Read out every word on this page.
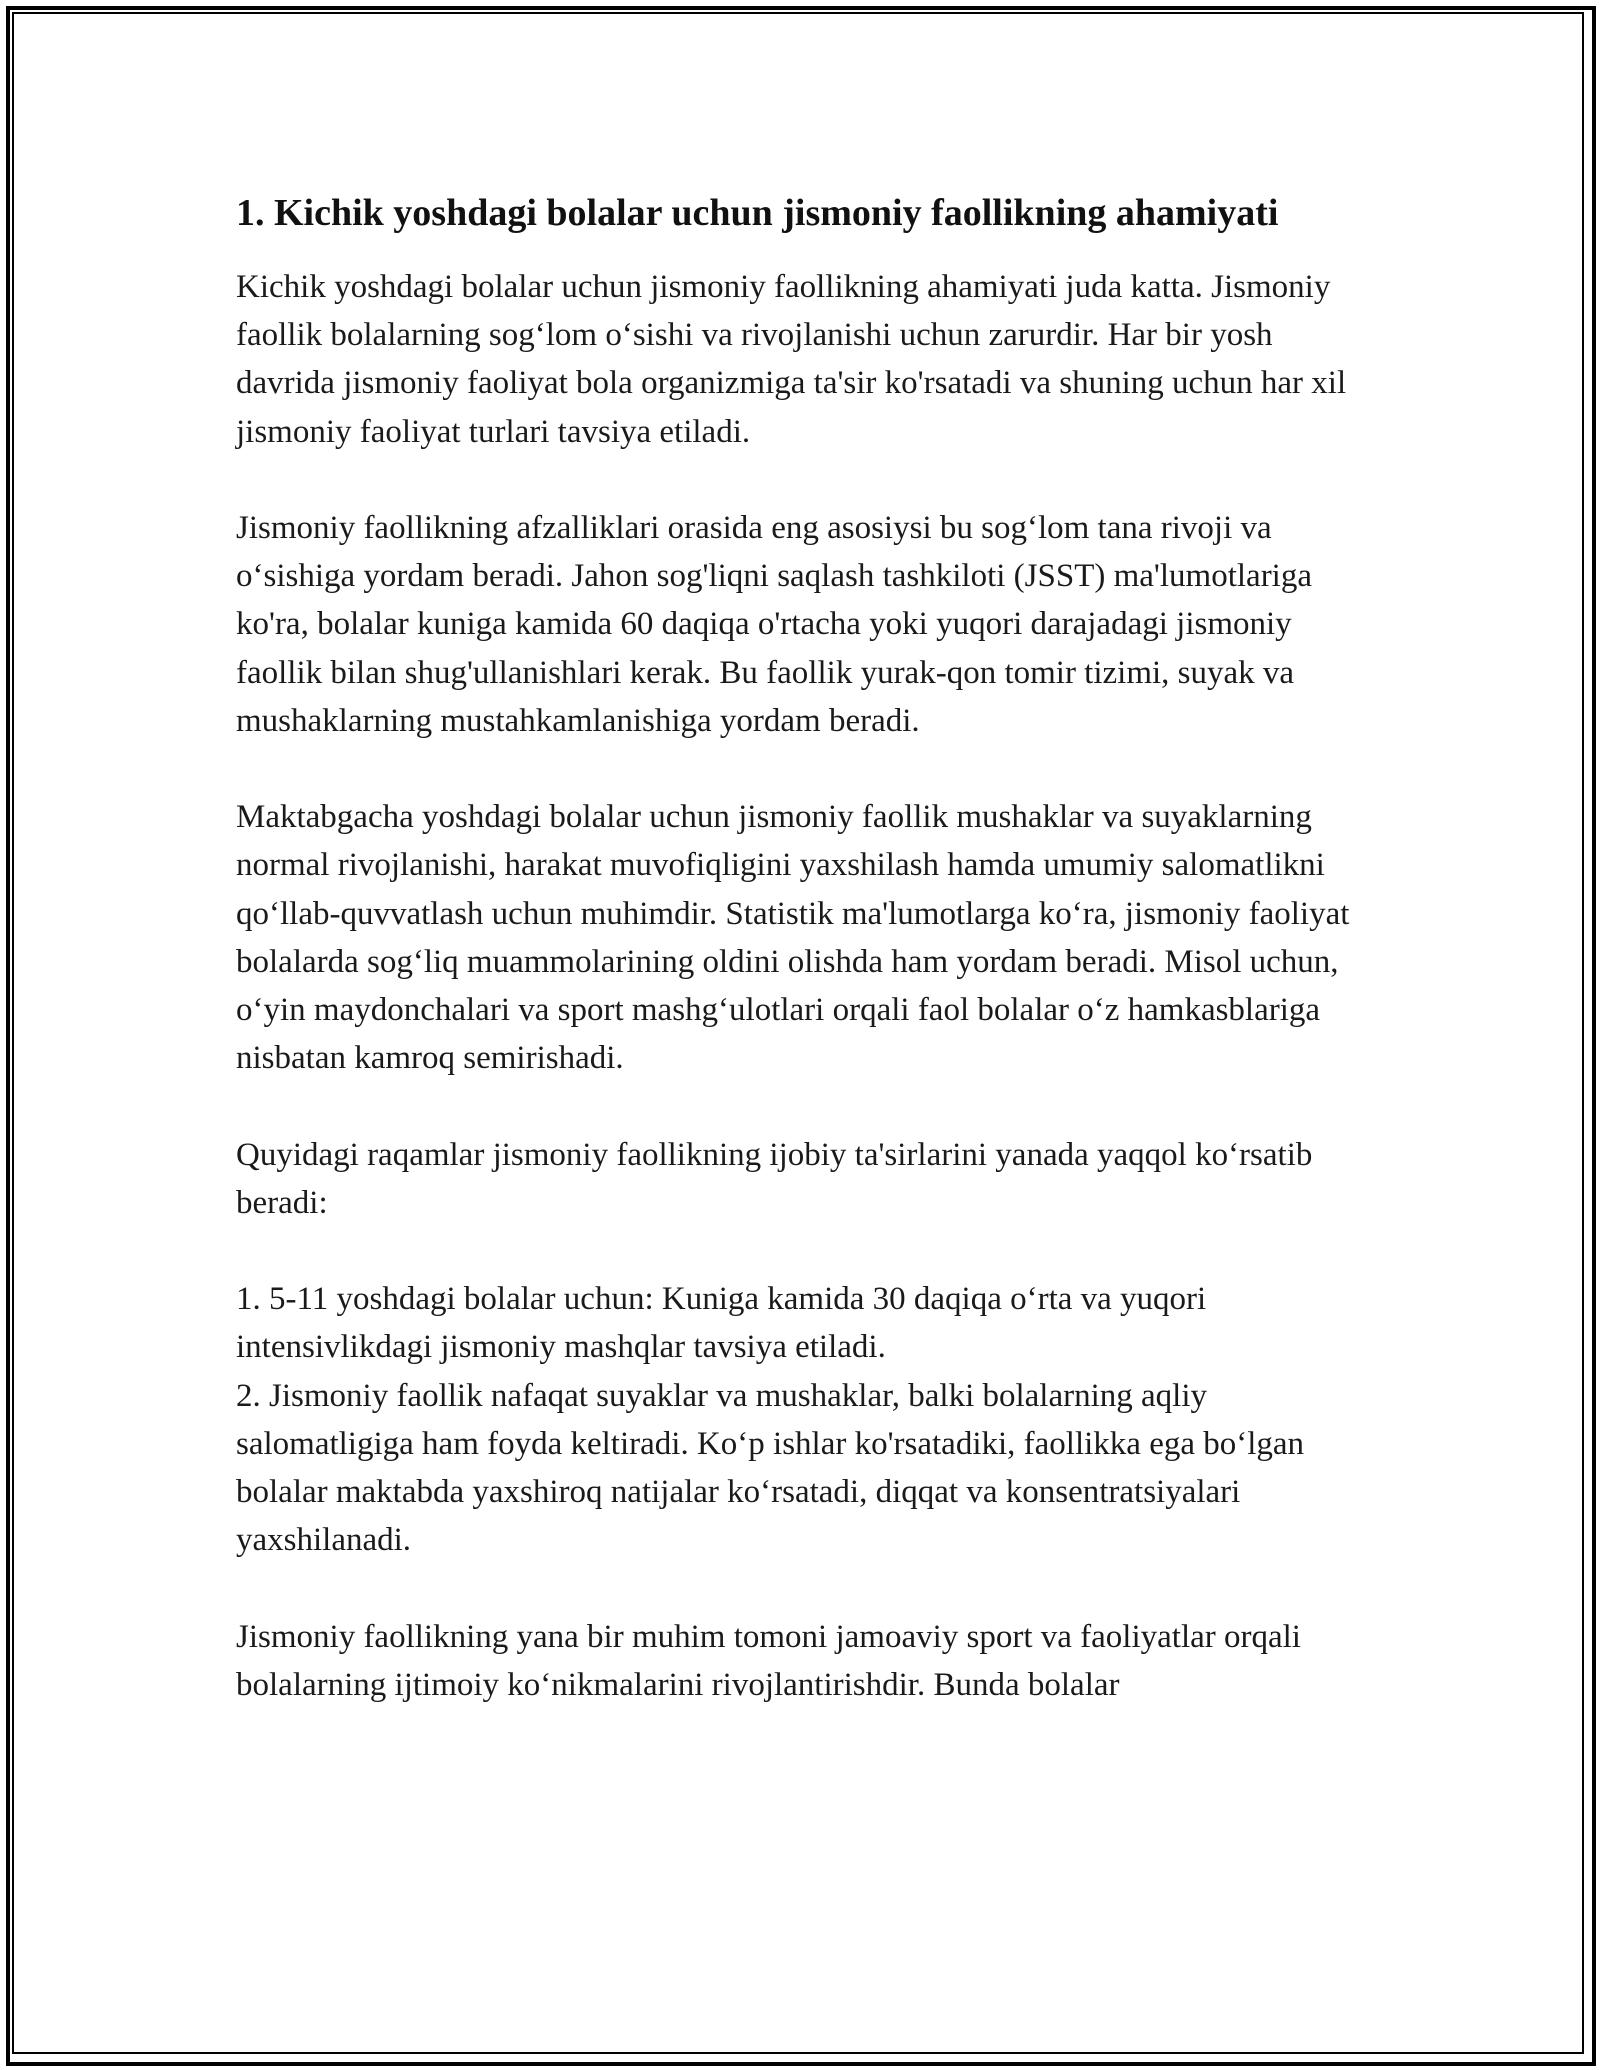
1. Kichik yoshdagi bolalar uchun jismoniy faollikning ahamiyati

Kichik yoshdagi bolalar uchun jismoniy faollikning ahamiyati juda katta. Jismoniy faollik bolalarning sog‘lom o‘sishi va rivojlanishi uchun zarurdir. Har bir yosh davrida jismoniy faoliyat bola organizmiga ta'sir ko'rsatadi va shuning uchun har xil jismoniy faoliyat turlari tavsiya etiladi.

Jismoniy faollikning afzalliklari orasida eng asosiysi bu sog‘lom tana rivoji va o‘sishiga yordam beradi. Jahon sog'liqni saqlash tashkiloti (JSST) ma'lumotlariga ko'ra, bolalar kuniga kamida 60 daqiqa o'rtacha yoki yuqori darajadagi jismoniy faollik bilan shug'ullanishlari kerak. Bu faollik yurak-qon tomir tizimi, suyak va mushaklarning mustahkamlanishiga yordam beradi.

Maktabgacha yoshdagi bolalar uchun jismoniy faollik mushaklar va suyaklarning normal rivojlanishi, harakat muvofiqligini yaxshilash hamda umumiy salomatlikni qo‘llab-quvvatlash uchun muhimdir. Statistik ma'lumotlarga ko‘ra, jismoniy faoliyat bolalarda sog‘liq muammolarining oldini olishda ham yordam beradi. Misol uchun, o‘yin maydonchalari va sport mashg‘ulotlari orqali faol bolalar o‘z hamkasblariga nisbatan kamroq semirishadi.

Quyidagi raqamlar jismoniy faollikning ijobiy ta'sirlarini yanada yaqqol ko‘rsatib beradi:

1. 5-11 yoshdagi bolalar uchun: Kuniga kamida 30 daqiqa o‘rta va yuqori intensivlikdagi jismoniy mashqlar tavsiya etiladi.

2. Jismoniy faollik nafaqat suyaklar va mushaklar, balki bolalarning aqliy salomatligiga ham foyda keltiradi. Ko‘p ishlar ko'rsatadiki, faollikka ega bo‘lgan bolalar maktabda yaxshiroq natijalar ko‘rsatadi, diqqat va konsentratsiyalari yaxshilanadi.

Jismoniy faollikning yana bir muhim tomoni jamoaviy sport va faoliyatlar orqali bolalarning ijtimoiy ko‘nikmalarini rivojlantirishdir. Bunda bolalar
